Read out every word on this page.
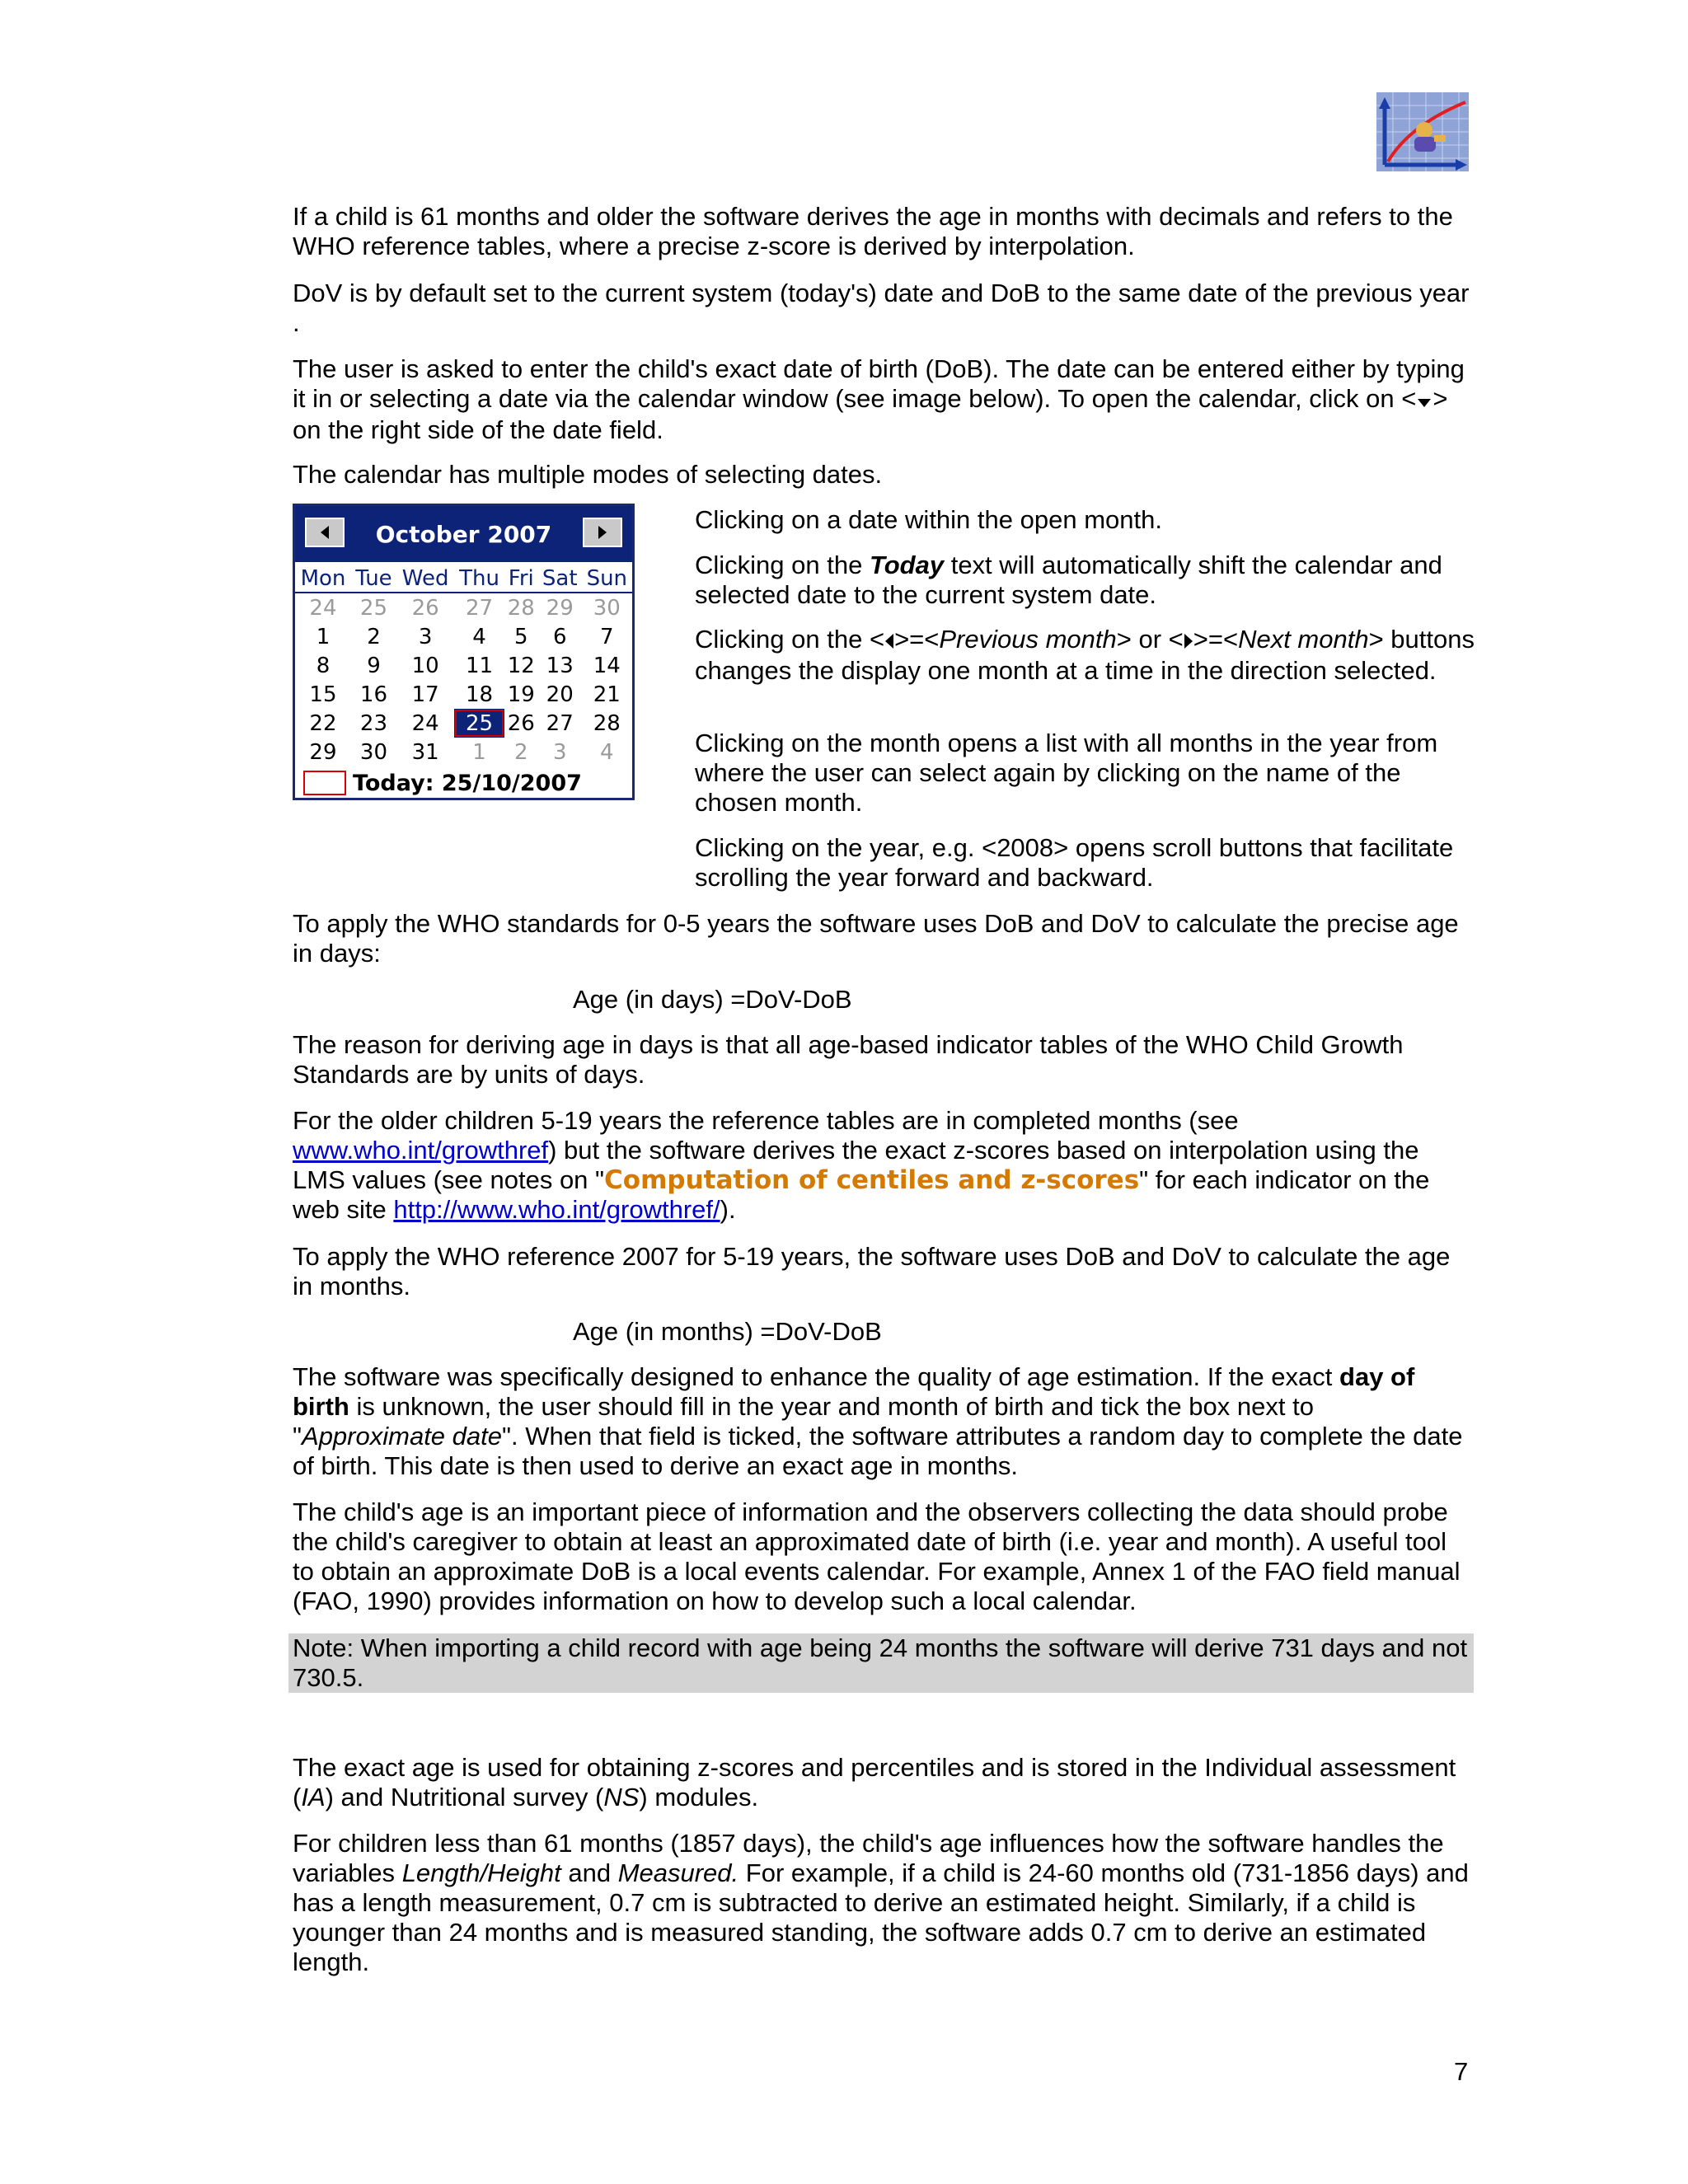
If a child is 61 months and older the software derives the age in months with decimals and refers to the WHO reference tables, where a precise z-score is derived by interpolation.

DoV is by default set to the current system (today's) date and DoB to the same date of the previous year .

The user is asked to enter the child's exact date of birth (DoB). The date can be entered either by typing it in or selecting a date via the calendar window (see image below). To open the calendar, click on < > on the right side of the date field.

The calendar has multiple modes of selecting dates.

Clicking on a date within the open month.

Clicking on the Today text will automatically shift the calendar and selected date to the current system date.

Clicking on the < >=<Previous month> or < >=<Next month> buttons changes the display one month at a time in the direction selected.

Clicking on the month opens a list with all months in the year from where the user can select again by clicking on the name of the chosen month.

Clicking on the year, e.g. <2008> opens scroll buttons that facilitate scrolling the year forward and backward.

To apply the WHO standards for 0-5 years the software uses DoB and DoV to calculate the precise age in days:

Age (in days) =DoV-DoB

The reason for deriving age in days is that all age-based indicator tables of the WHO Child Growth Standards are by units of days.

For the older children 5-19 years the reference tables are in completed months (see www.who.int/growthref) but the software derives the exact z-scores based on interpolation using the LMS values (see notes on "Computation of centiles and z-scores" for each indicator on the web site http://www.who.int/growthref/).

To apply the WHO reference 2007 for 5-19 years, the software uses DoB and DoV to calculate the age in months.

Age (in months) =DoV-DoB

The software was specifically designed to enhance the quality of age estimation. If the exact day of birth is unknown, the user should fill in the year and month of birth and tick the box next to "Approximate date". When that field is ticked, the software attributes a random day to complete the date of birth. This date is then used to derive an exact age in months.

The child's age is an important piece of information and the observers collecting the data should probe the child's caregiver to obtain at least an approximated date of birth (i.e. year and month). A useful tool to obtain an approximate DoB is a local events calendar. For example, Annex 1 of the FAO field manual (FAO, 1990) provides information on how to develop such a local calendar.

Note: When importing a child record with age being 24 months the software will derive 731 days and not 730.5.

The exact age is used for obtaining z-scores and percentiles and is stored in the Individual assessment (IA) and Nutritional survey (NS) modules.

For children less than 61 months (1857 days), the child's age influences how the software handles the variables Length/Height and Measured. For example, if a child is 24-60 months old (731-1856 days) and has a length measurement, 0.7 cm is subtracted to derive an estimated height. Similarly, if a child is younger than 24 months and is measured standing, the software adds 0.7 cm to derive an estimated length.

October 2007
Mon	Tue	Wed	Thu	Fri	Sat	Sun
24	25	26	27	28	29	30
1	2	3	4	5	6	7
8	9	10	11	12	13	14
15	16	17	18	19	20	21
22	23	24	25	26	27	28
29	30	31	1	2	3	4
Today: 25/10/2007
7
